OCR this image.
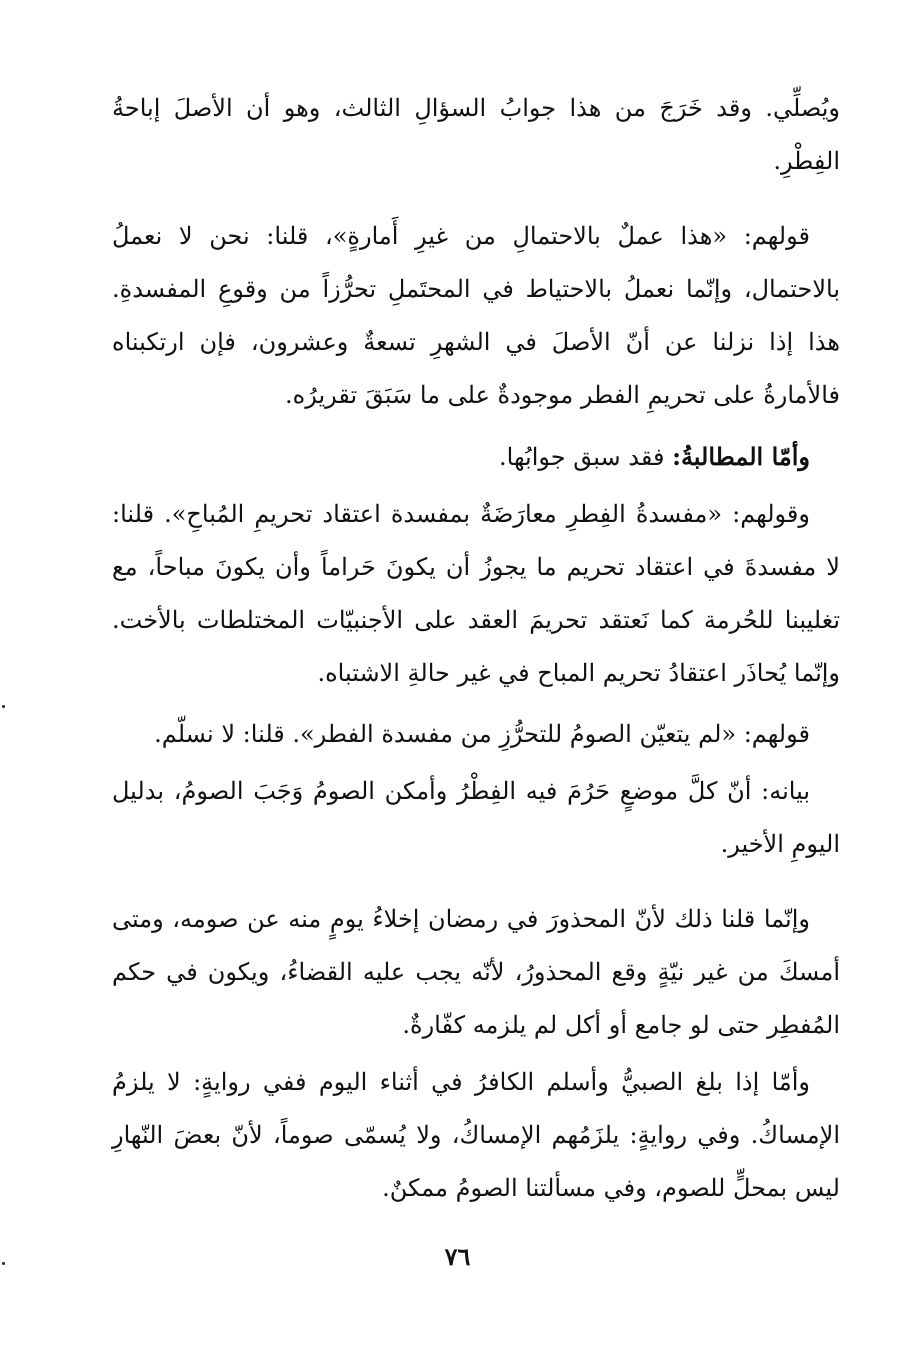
ويُصلِّي. وقد خَرَجَ من هذا جوابُ السؤالِ الثالث، وهو أن الأصلَ إباحةُ الفِطْرِ.

قولهم: «هذا عملٌ بالاحتمالِ من غيرِ أَمارةٍ»، قلنا: نحن لا نعملُ بالاحتمال، وإنّما نعملُ بالاحتياط في المحتَملِ تحرُّزاً من وقوعِ المفسدةِ. هذا إذا نزلنا عن أنّ الأصلَ في الشهرِ تسعةٌ وعشرون، فإن ارتكبناه فالأمارةُ على تحريمِ الفطر موجودةٌ على ما سَبَقَ تقريرُه.

وأمّا المطالبةُ: فقد سبق جوابُها.

وقولهم: «مفسدةُ الفِطرِ معارَضَةٌ بمفسدة اعتقاد تحريمِ المُباحِ». قلنا: لا مفسدةَ في اعتقاد تحريم ما يجوزُ أن يكونَ حَراماً وأن يكونَ مباحاً، مع تغليبنا للحُرمة كما نَعتقد تحريمَ العقد على الأجنبيّات المختلطات بالأخت. وإنّما يُحاذَر اعتقادُ تحريم المباح في غير حالةِ الاشتباه.

قولهم: «لم يتعيّن الصومُ للتحرُّزِ من مفسدة الفطر». قلنا: لا نسلّم.

بيانه: أنّ كلَّ موضعٍ حَرُمَ فيه الفِطْرُ وأمكن الصومُ وَجَبَ الصومُ، بدليل اليومِ الأخير.

وإنّما قلنا ذلك لأنّ المحذورَ في رمضان إخلاءُ يومٍ منه عن صومه، ومتى أمسكَ من غير نيّةٍ وقع المحذورُ، لأنّه يجب عليه القضاءُ، ويكون في حكم المُفطِر حتى لو جامع أو أكل لم يلزمه كفّارةٌ.

وأمّا إذا بلغ الصبيُّ وأسلم الكافرُ في أثناء اليوم ففي روايةٍ: لا يلزمُ الإمساكُ. وفي روايةٍ: يلزَمُهم الإمساكُ، ولا يُسمّى صوماً، لأنّ بعضَ النّهارِ ليس بمحلٍّ للصوم، وفي مسألتنا الصومُ ممكنٌ.

٧٦
